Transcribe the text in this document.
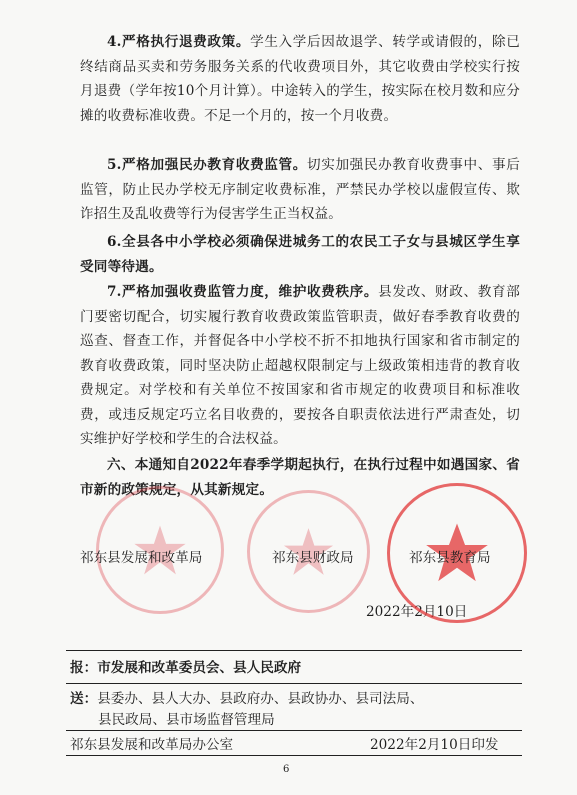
4.严格执行退费政策。学生入学后因故退学、转学或请假的，除已终结商品买卖和劳务服务关系的代收费项目外，其它收费由学校实行按月退费（学年按10个月计算）。中途转入的学生，按实际在校月数和应分摊的收费标准收费。不足一个月的，按一个月收费。

5.严格加强民办教育收费监管。切实加强民办教育收费事中、事后监管，防止民办学校无序制定收费标准，严禁民办学校以虚假宣传、欺诈招生及乱收费等行为侵害学生正当权益。

6.全县各中小学校必须确保进城务工的农民工子女与县城区学生享受同等待遇。

7.严格加强收费监管力度，维护收费秩序。县发改、财政、教育部门要密切配合，切实履行教育收费政策监管职责，做好春季教育收费的巡查、督查工作，并督促各中小学校不折不扣地执行国家和省市制定的教育收费政策，同时坚决防止超越权限制定与上级政策相违背的教育收费规定。对学校和有关单位不按国家和省市规定的收费项目和标准收费，或违反规定巧立名目收费的，要按各自职责依法进行严肃查处，切实维护好学校和学生的合法权益。

六、本通知自2022年春季学期起执行，在执行过程中如遇国家、省市新的政策规定，从其新规定。

祁东县发展和改革局	祁东县财政局	祁东县教育局
2022年2月10日
报：市发展和改革委员会、县人民政府
送：县委办、县人大办、县政府办、县政协办、县司法局、
县民政局、县市场监督管理局
祁东县发展和改革局办公室	2022年2月10日印发
6
